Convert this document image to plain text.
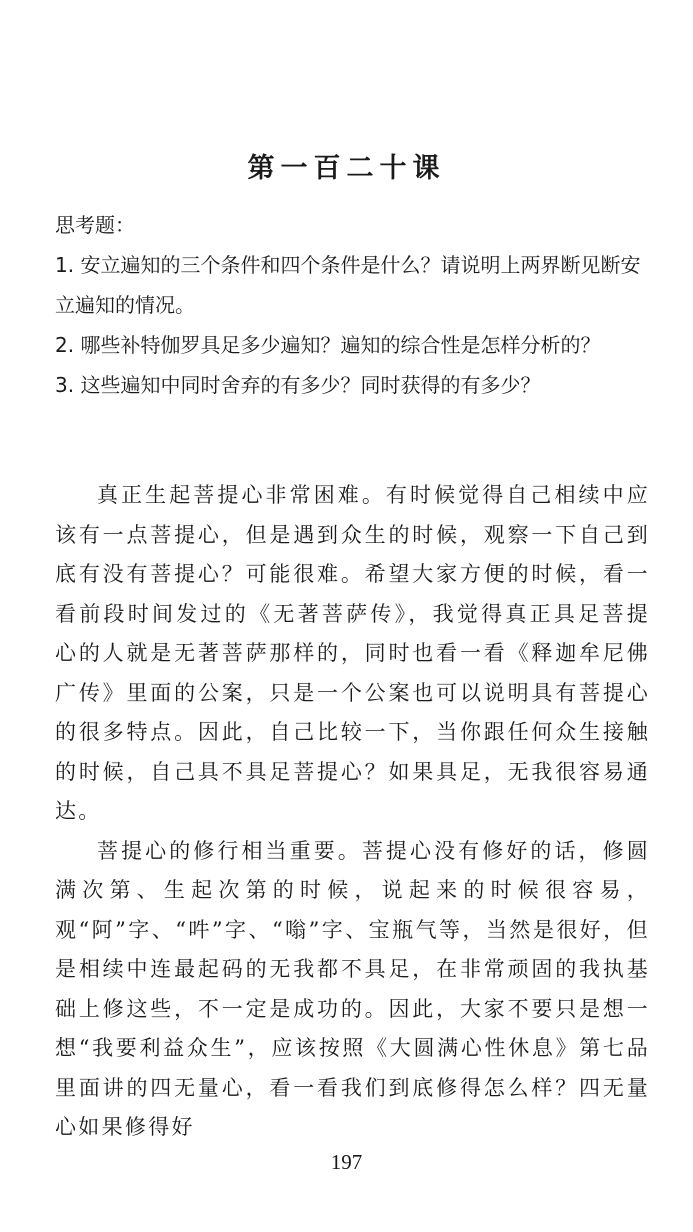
第一百二十课

思考题：

1. 安立遍知的三个条件和四个条件是什么？请说明上两界断见断安立遍知的情况。

2. 哪些补特伽罗具足多少遍知？遍知的综合性是怎样分析的？

3. 这些遍知中同时舍弃的有多少？同时获得的有多少？

真正生起菩提心非常困难。有时候觉得自己相续中应该有一点菩提心，但是遇到众生的时候，观察一下自己到底有没有菩提心？可能很难。希望大家方便的时候，看一看前段时间发过的《无著菩萨传》，我觉得真正具足菩提心的人就是无著菩萨那样的，同时也看一看《释迦牟尼佛广传》里面的公案，只是一个公案也可以说明具有菩提心的很多特点。因此，自己比较一下，当你跟任何众生接触的时候，自己具不具足菩提心？如果具足，无我很容易通达。

菩提心的修行相当重要。菩提心没有修好的话，修圆满次第、生起次第的时候，说起来的时候很容易，观“阿”字、“吽”字、“嗡”字、宝瓶气等，当然是很好，但是相续中连最起码的无我都不具足，在非常顽固的我执基础上修这些，不一定是成功的。因此，大家不要只是想一想“我要利益众生”，应该按照《大圆满心性休息》第七品里面讲的四无量心，看一看我们到底修得怎么样？四无量心如果修得好

197
